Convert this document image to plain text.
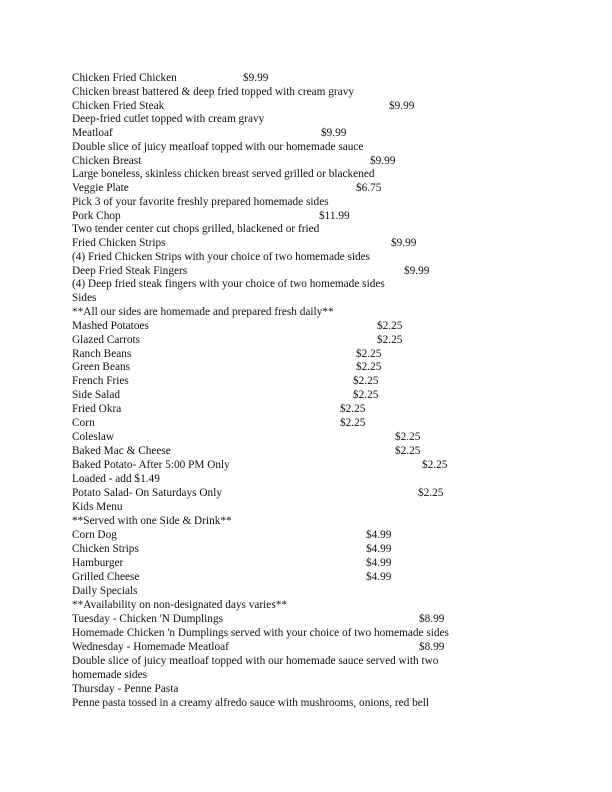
Chicken Fried Chicken	$9.99
Chicken breast battered & deep fried topped with cream gravy
Chicken Fried Steak	$9.99
Deep-fried cutlet topped with cream gravy
Meatloaf	$9.99
Double slice of juicy meatloaf topped with our homemade sauce
Chicken Breast	$9.99
Large boneless, skinless chicken breast served grilled or blackened
Veggie Plate	$6.75
Pick 3 of your favorite freshly prepared homemade sides
Pork Chop	$11.99
Two tender center cut chops grilled, blackened or fried
Fried Chicken Strips	$9.99
(4) Fried Chicken Strips with your choice of two homemade sides
Deep Fried Steak Fingers	$9.99
(4) Deep fried steak fingers with your choice of two homemade sides
Sides
**All our sides are homemade and prepared fresh daily**
Mashed Potatoes	$2.25
Glazed Carrots	$2.25
Ranch Beans	$2.25
Green Beans	$2.25
French Fries	$2.25
Side Salad	$2.25
Fried Okra	$2.25
Corn	$2.25
Coleslaw	$2.25
Baked Mac & Cheese	$2.25
Baked Potato- After 5:00 PM Only	$2.25
Loaded - add $1.49
Potato Salad- On Saturdays Only	$2.25
Kids Menu
**Served with one Side & Drink**
Corn Dog	$4.99
Chicken Strips	$4.99
Hamburger	$4.99
Grilled Cheese	$4.99
Daily Specials
**Availability on non-designated days varies**
Tuesday - Chicken 'N Dumplings	$8.99
Homemade Chicken 'n Dumplings served with your choice of two homemade sides
Wednesday - Homemade Meatloaf	$8.99
Double slice of juicy meatloaf topped with our homemade sauce served with two
homemade sides
Thursday - Penne Pasta
Penne pasta tossed in a creamy alfredo sauce with mushrooms, onions, red bell
